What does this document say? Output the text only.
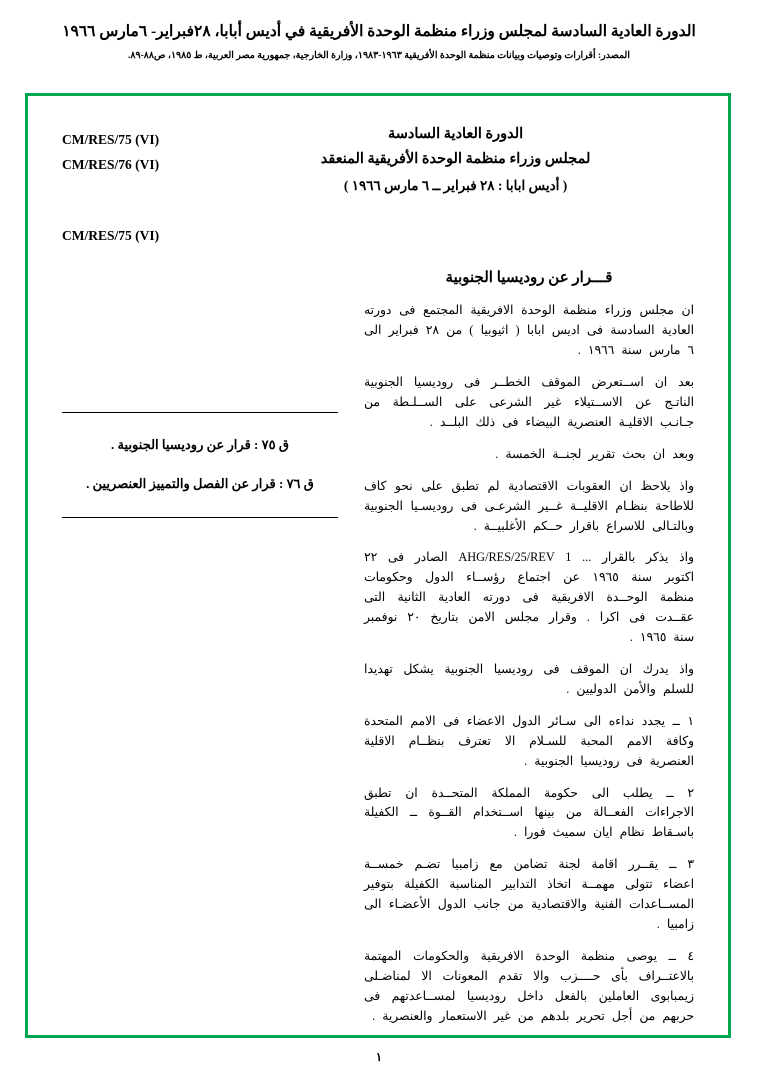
الدورة العادية السادسة لمجلس وزراء منظمة الوحدة الأفريقية في أديس أبابا، ٢٨فبراير- ٦مارس ١٩٦٦
المصدر: أقرارات وتوصيات وبيانات منظمة الوحدة الأفريقية ١٩٦٣-١٩٨٣، وزارة الخارجية، جمهورية مصر العربية، ط ١٩٨٥، ص٨٨-٨٩.
الدورة العادية السادسة
لمجلس وزراء منظمة الوحدة الأفريقية المنعقد
( أديس ابابا : ٢٨ فبراير ــ ٦ مارس ١٩٦٦ )
CM/RES/75 (VI)
CM/RES/76 (VI)
CM/RES/75 (VI)
قـــرار عن روديسيا الجنوبية
ان مجلس وزراء منظمة الوحدة الافريقية المجتمع فى دورته العادية السادسة فى اديس ابابا ( اثيوبيا ) من ٢٨ فبراير الى ٦ مارس سنة ١٩٦٦ .
بعد ان اســتعرض الموقف الخطــر فى روديسيا الجنوبية الناتـج عن الاســتيلاء غير الشرعى على الســلـطة من جـانـب الاقليـة العنصرية البيضاء فى ذلك البلــد .
وبعد ان بحث تقرير لجنــة الخمسة .
واذ يلاحظ ان العقوبات الاقتصادية لم تطبق على نحو كاف للاطاحة بنظـام الاقليــة غــير الشرعـى فى روديسـيا الجنوبية وبالتـالى للاسراع باقرار حــكم الأغلبيــة .
واذ يذكر بالقرار ... AHG/RES/25/REV 1 الصادر فى ٢٢ اكتوبر سنة ١٩٦٥ عن اجتماع رؤســاء الدول وحكومات منظمة الوحــدة الافريقية فى دورته العادية الثانية التى عقــدت فى اكرا . وقرار مجلس الامن بتاريخ ٢٠ نوفمبر سنة ١٩٦٥ .
واذ يدرك ان الموقف فى روديسيا الجنوبية يشكل تهديدا للسلم والأمن الدوليين .
١ ــ يجدد نداءه الى سـائر الدول الاعضاء فى الامم المتحدة وكافة الامم المحبة للسـلام الا تعترف بنظــام الاقلية العنصرية فى روديسيا الجنوبية .
٢ ــ يطلب الى حكومة المملكة المتحــدة ان تطبق الاجراءات الفعــالة من بينها اســتخدام القــوة ــ الكفيلة باسـقاط نظام ايان سميث فورا .
٣ ــ يقــرر اقامة لجنة تضامن مع زامبيا تضـم خمســة اعضاء تتولى مهمــة اتخاذ التدابير المناسبة الكفيلة بتوفير المســاعدات الفنية والاقتصادية من جانب الدول الأعضـاء الى زامبيا .
٤ ــ يوصى منظمة الوحدة الافريقية والحكومات المهتمة بالاعتــراف بأى حــــزب والا تقدم المعونات الا لمناضـلى زيمبابوى العاملين بالفعل داخل روديسيا لمســاعدتهم فى حربهم من أجل تحرير بلدهم من غير الاستعمار والعنصرية .
ق ٧٥ : قرار عن روديسيا الجنوبية .
ق ٧٦ : قرار عن الفصل والتمييز العنصريين .
١
